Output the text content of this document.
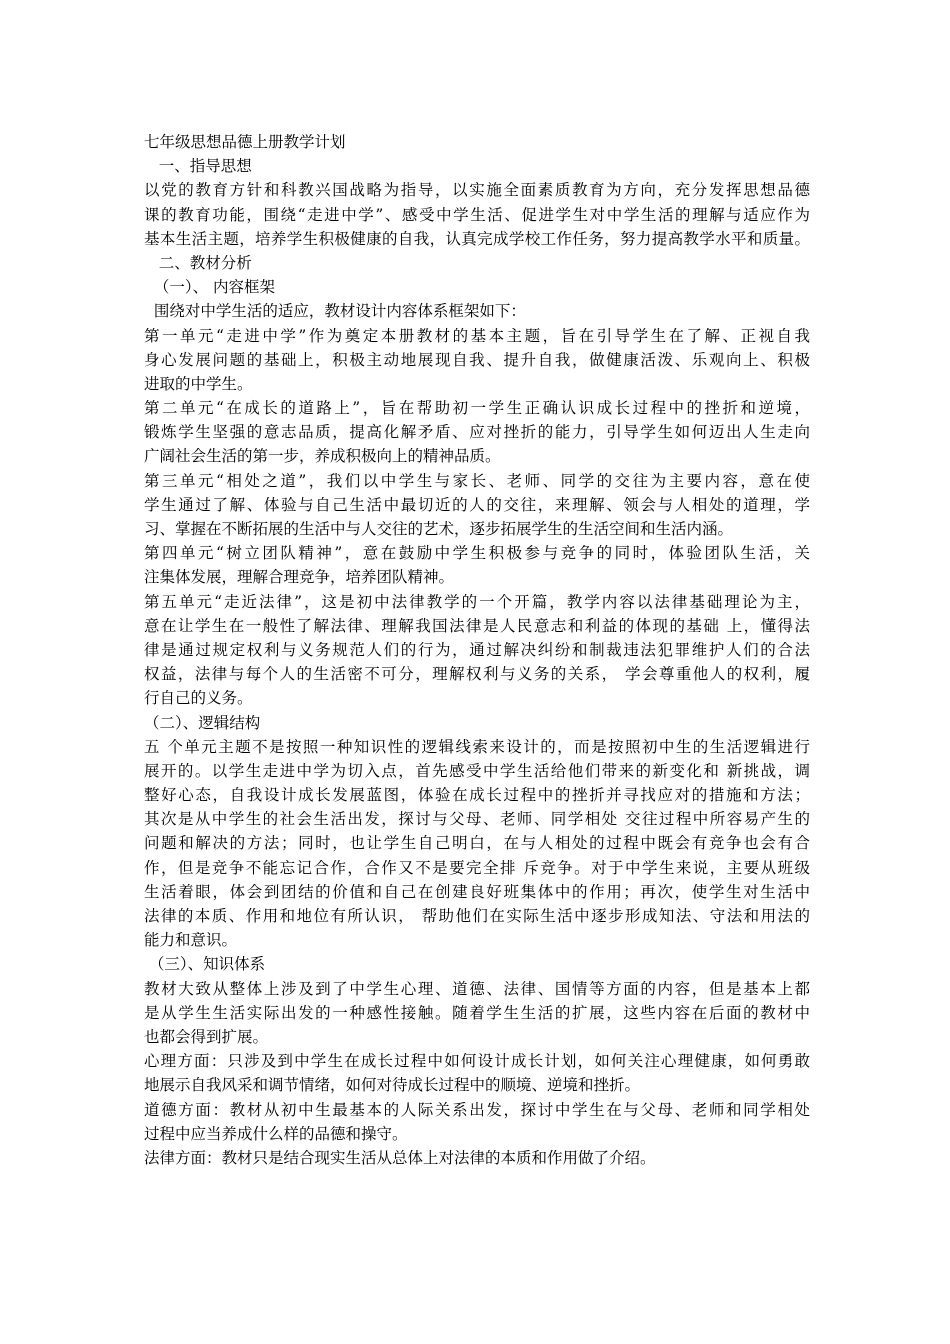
七年级思想品德上册教学计划
一、指导思想
以党的教育方针和科教兴国战略为指导，以实施全面素质教育为方向，充分发挥思想品德
课的教育功能，围绕“走进中学”、感受中学生活、促进学生对中学生活的理解与适应作为
基本生活主题，培养学生积极健康的自我，认真完成学校工作任务，努力提高教学水平和质量。
二、教材分析
（一）、 内容框架
围绕对中学生活的适应，教材设计内容体系框架如下：
第一单元“走进中学”作为奠定本册教材的基本主题，旨在引导学生在了解、正视自我
身心发展问题的基础上，积极主动地展现自我、提升自我，做健康活泼、乐观向上、积极
进取的中学生。
第二单元“在成长的道路上”，旨在帮助初一学生正确认识成长过程中的挫折和逆境，
锻炼学生坚强的意志品质，提高化解矛盾、应对挫折的能力，引导学生如何迈出人生走向
广阔社会生活的第一步，养成积极向上的精神品质。
第三单元“相处之道”，我们以中学生与家长、老师、同学的交往为主要内容，意在使
学生通过了解、体验与自己生活中最切近的人的交往，来理解、领会与人相处的道理，学
习、掌握在不断拓展的生活中与人交往的艺术，逐步拓展学生的生活空间和生活内涵。
第四单元“树立团队精神”，意在鼓励中学生积极参与竞争的同时，体验团队生活，关
注集体发展，理解合理竞争，培养团队精神。
第五单元“走近法律”，这是初中法律教学的一个开篇，教学内容以法律基础理论为主，
意在让学生在一般性了解法律、理解我国法律是人民意志和利益的体现的基础 上，懂得法
律是通过规定权利与义务规范人们的行为，通过解决纠纷和制裁违法犯罪维护人们的合法
权益，法律与每个人的生活密不可分，理解权利与义务的关系， 学会尊重他人的权利，履
行自己的义务。
（二）、逻辑结构
五 个单元主题不是按照一种知识性的逻辑线索来设计的，而是按照初中生的生活逻辑进行
展开的。以学生走进中学为切入点，首先感受中学生活给他们带来的新变化和 新挑战，调
整好心态，自我设计成长发展蓝图，体验在成长过程中的挫折并寻找应对的措施和方法；
其次是从中学生的社会生活出发，探讨与父母、老师、同学相处 交往过程中所容易产生的
问题和解决的方法；同时，也让学生自己明白，在与人相处的过程中既会有竞争也会有合
作，但是竞争不能忘记合作，合作又不是要完全排 斥竞争。对于中学生来说，主要从班级
生活着眼，体会到团结的价值和自己在创建良好班集体中的作用；再次，使学生对生活中
法律的本质、作用和地位有所认识， 帮助他们在实际生活中逐步形成知法、守法和用法的
能力和意识。
（三）、知识体系
教材大致从整体上涉及到了中学生心理、道德、法律、国情等方面的内容，但是基本上都
是从学生生活实际出发的一种感性接触。随着学生生活的扩展，这些内容在后面的教材中
也都会得到扩展。
心理方面：只涉及到中学生在成长过程中如何设计成长计划，如何关注心理健康，如何勇敢
地展示自我风采和调节情绪，如何对待成长过程中的顺境、逆境和挫折。
道德方面：教材从初中生最基本的人际关系出发，探讨中学生在与父母、老师和同学相处
过程中应当养成什么样的品德和操守。
法律方面：教材只是结合现实生活从总体上对法律的本质和作用做了介绍。
